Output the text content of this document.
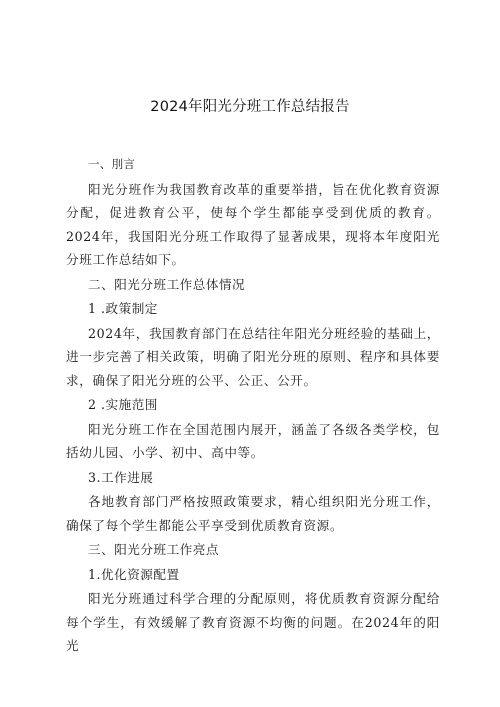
2024年阳光分班工作总结报告

一、刖言

阳光分班作为我国教育改革的重要举措，旨在优化教育资源分配，促进教育公平，使每个学生都能享受到优质的教育。2024年，我国阳光分班工作取得了显著成果，现将本年度阳光分班工作总结如下。

二、阳光分班工作总体情况

1 .政策制定

2024年，我国教育部门在总结往年阳光分班经验的基础上，进一步完善了相关政策，明确了阳光分班的原则、程序和具体要求，确保了阳光分班的公平、公正、公开。

2 .实施范围

阳光分班工作在全国范围内展开，涵盖了各级各类学校，包括幼儿园、小学、初中、高中等。

3.工作进展

各地教育部门严格按照政策要求，精心组织阳光分班工作，确保了每个学生都能公平享受到优质教育资源。

三、阳光分班工作亮点

1.优化资源配置

阳光分班通过科学合理的分配原则，将优质教育资源分配给每个学生，有效缓解了教育资源不均衡的问题。在2024年的阳光
